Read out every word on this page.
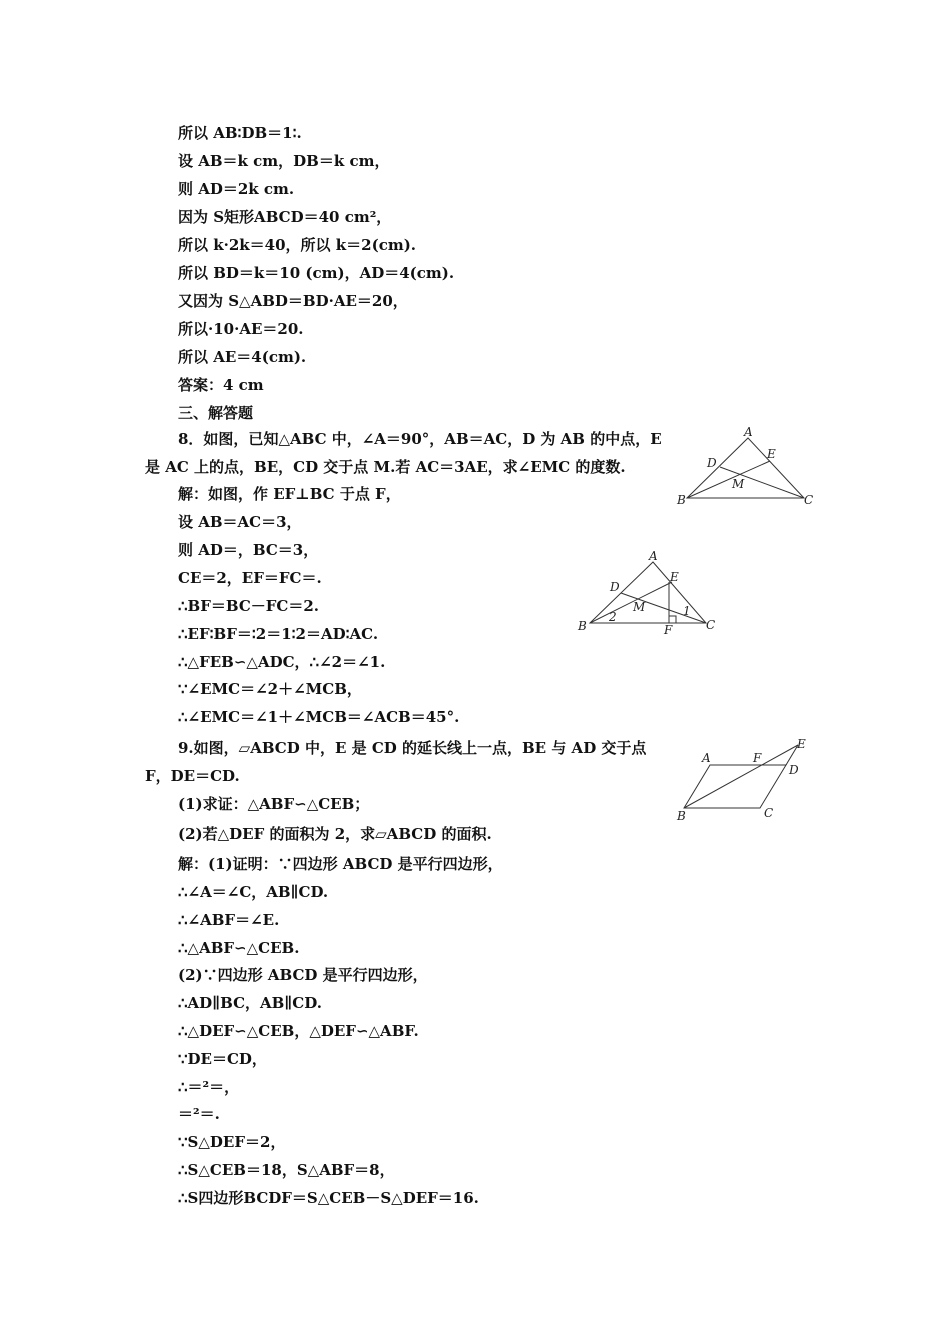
所以 AB∶DB＝1∶.
设 AB＝k cm，DB＝k cm，
则 AD＝2k cm.
因为 S矩形ABCD＝40 cm²，
所以 k·2k＝40，所以 k＝2(cm).
所以 BD＝k＝10 (cm)，AD＝4(cm).
又因为 S△ABD＝BD·AE＝20，
所以·10·AE＝20.
所以 AE＝4(cm).
答案：4 cm
三、解答题
8．如图，已知△ABC 中，∠A＝90°，AB＝AC，D 为 AB 的中点，E
是 AC 上的点，BE，CD 交于点 M.若 AC＝3AE，求∠EMC 的度数.
解：如图，作 EF⊥BC 于点 F，
设 AB＝AC＝3，
则 AD＝，BC＝3，
CE＝2，EF＝FC＝.
∴BF＝BC－FC＝2.
∴EF∶BF＝∶2＝1∶2＝AD∶AC.
∴△FEB∽△ADC，∴∠2＝∠1.
∵∠EMC＝∠2＋∠MCB，
∴∠EMC＝∠1＋∠MCB＝∠ACB＝45°.
9.如图，▱ABCD 中，E 是 CD 的延长线上一点，BE 与 AD 交于点
F，DE＝CD.
(1)求证：△ABF∽△CEB；
(2)若△DEF 的面积为 2，求▱ABCD 的面积.
解：(1)证明：∵四边形 ABCD 是平行四边形，
∴∠A＝∠C，AB∥CD.
∴∠ABF＝∠E.
∴△ABF∽△CEB.
(2)∵四边形 ABCD 是平行四边形，
∴AD∥BC，AB∥CD.
∴△DEF∽△CEB，△DEF∽△ABF.
∵DE＝CD，
∴＝²＝，
＝²＝.
∵S△DEF＝2，
∴S△CEB＝18，S△ABF＝8，
∴S四边形BCDF＝S△CEB－S△DEF＝16.
A
D
E
M
B	C
A
D
E
M
2	1
B	F	C
A	F
E
D
B	C
